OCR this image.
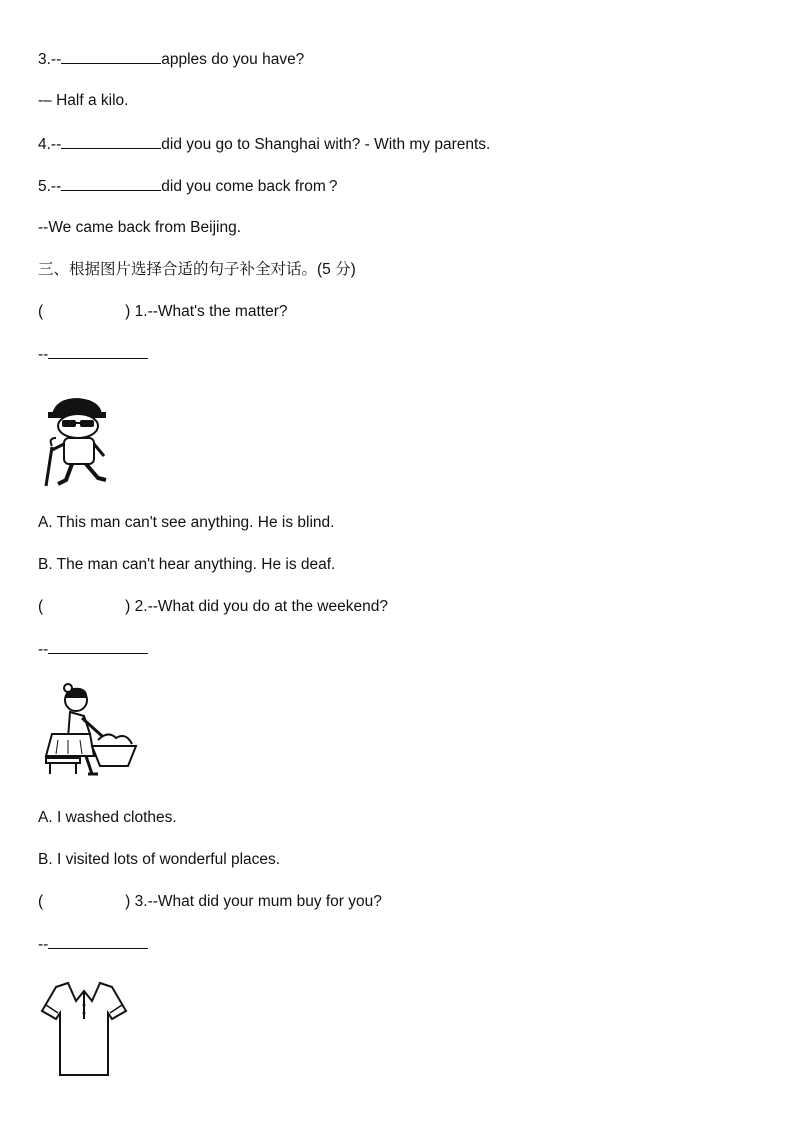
3.--	apples do you have?
-– Half a kilo.
4.--	did you go to Shanghai with? - With my parents.
5.--	did you come back from ?
--We came back from Beijing.
三、根据图片选择合适的句子补全对话。(5 分)
(	) 1.--What's the matter?
--
A. This man can't see anything. He is blind.
B. The man can't hear anything. He is deaf.
(	) 2.--What did you do at the weekend?
--
A. I washed clothes.
B. I visited lots of wonderful places.
(	) 3.--What did your mum buy for you?
--
